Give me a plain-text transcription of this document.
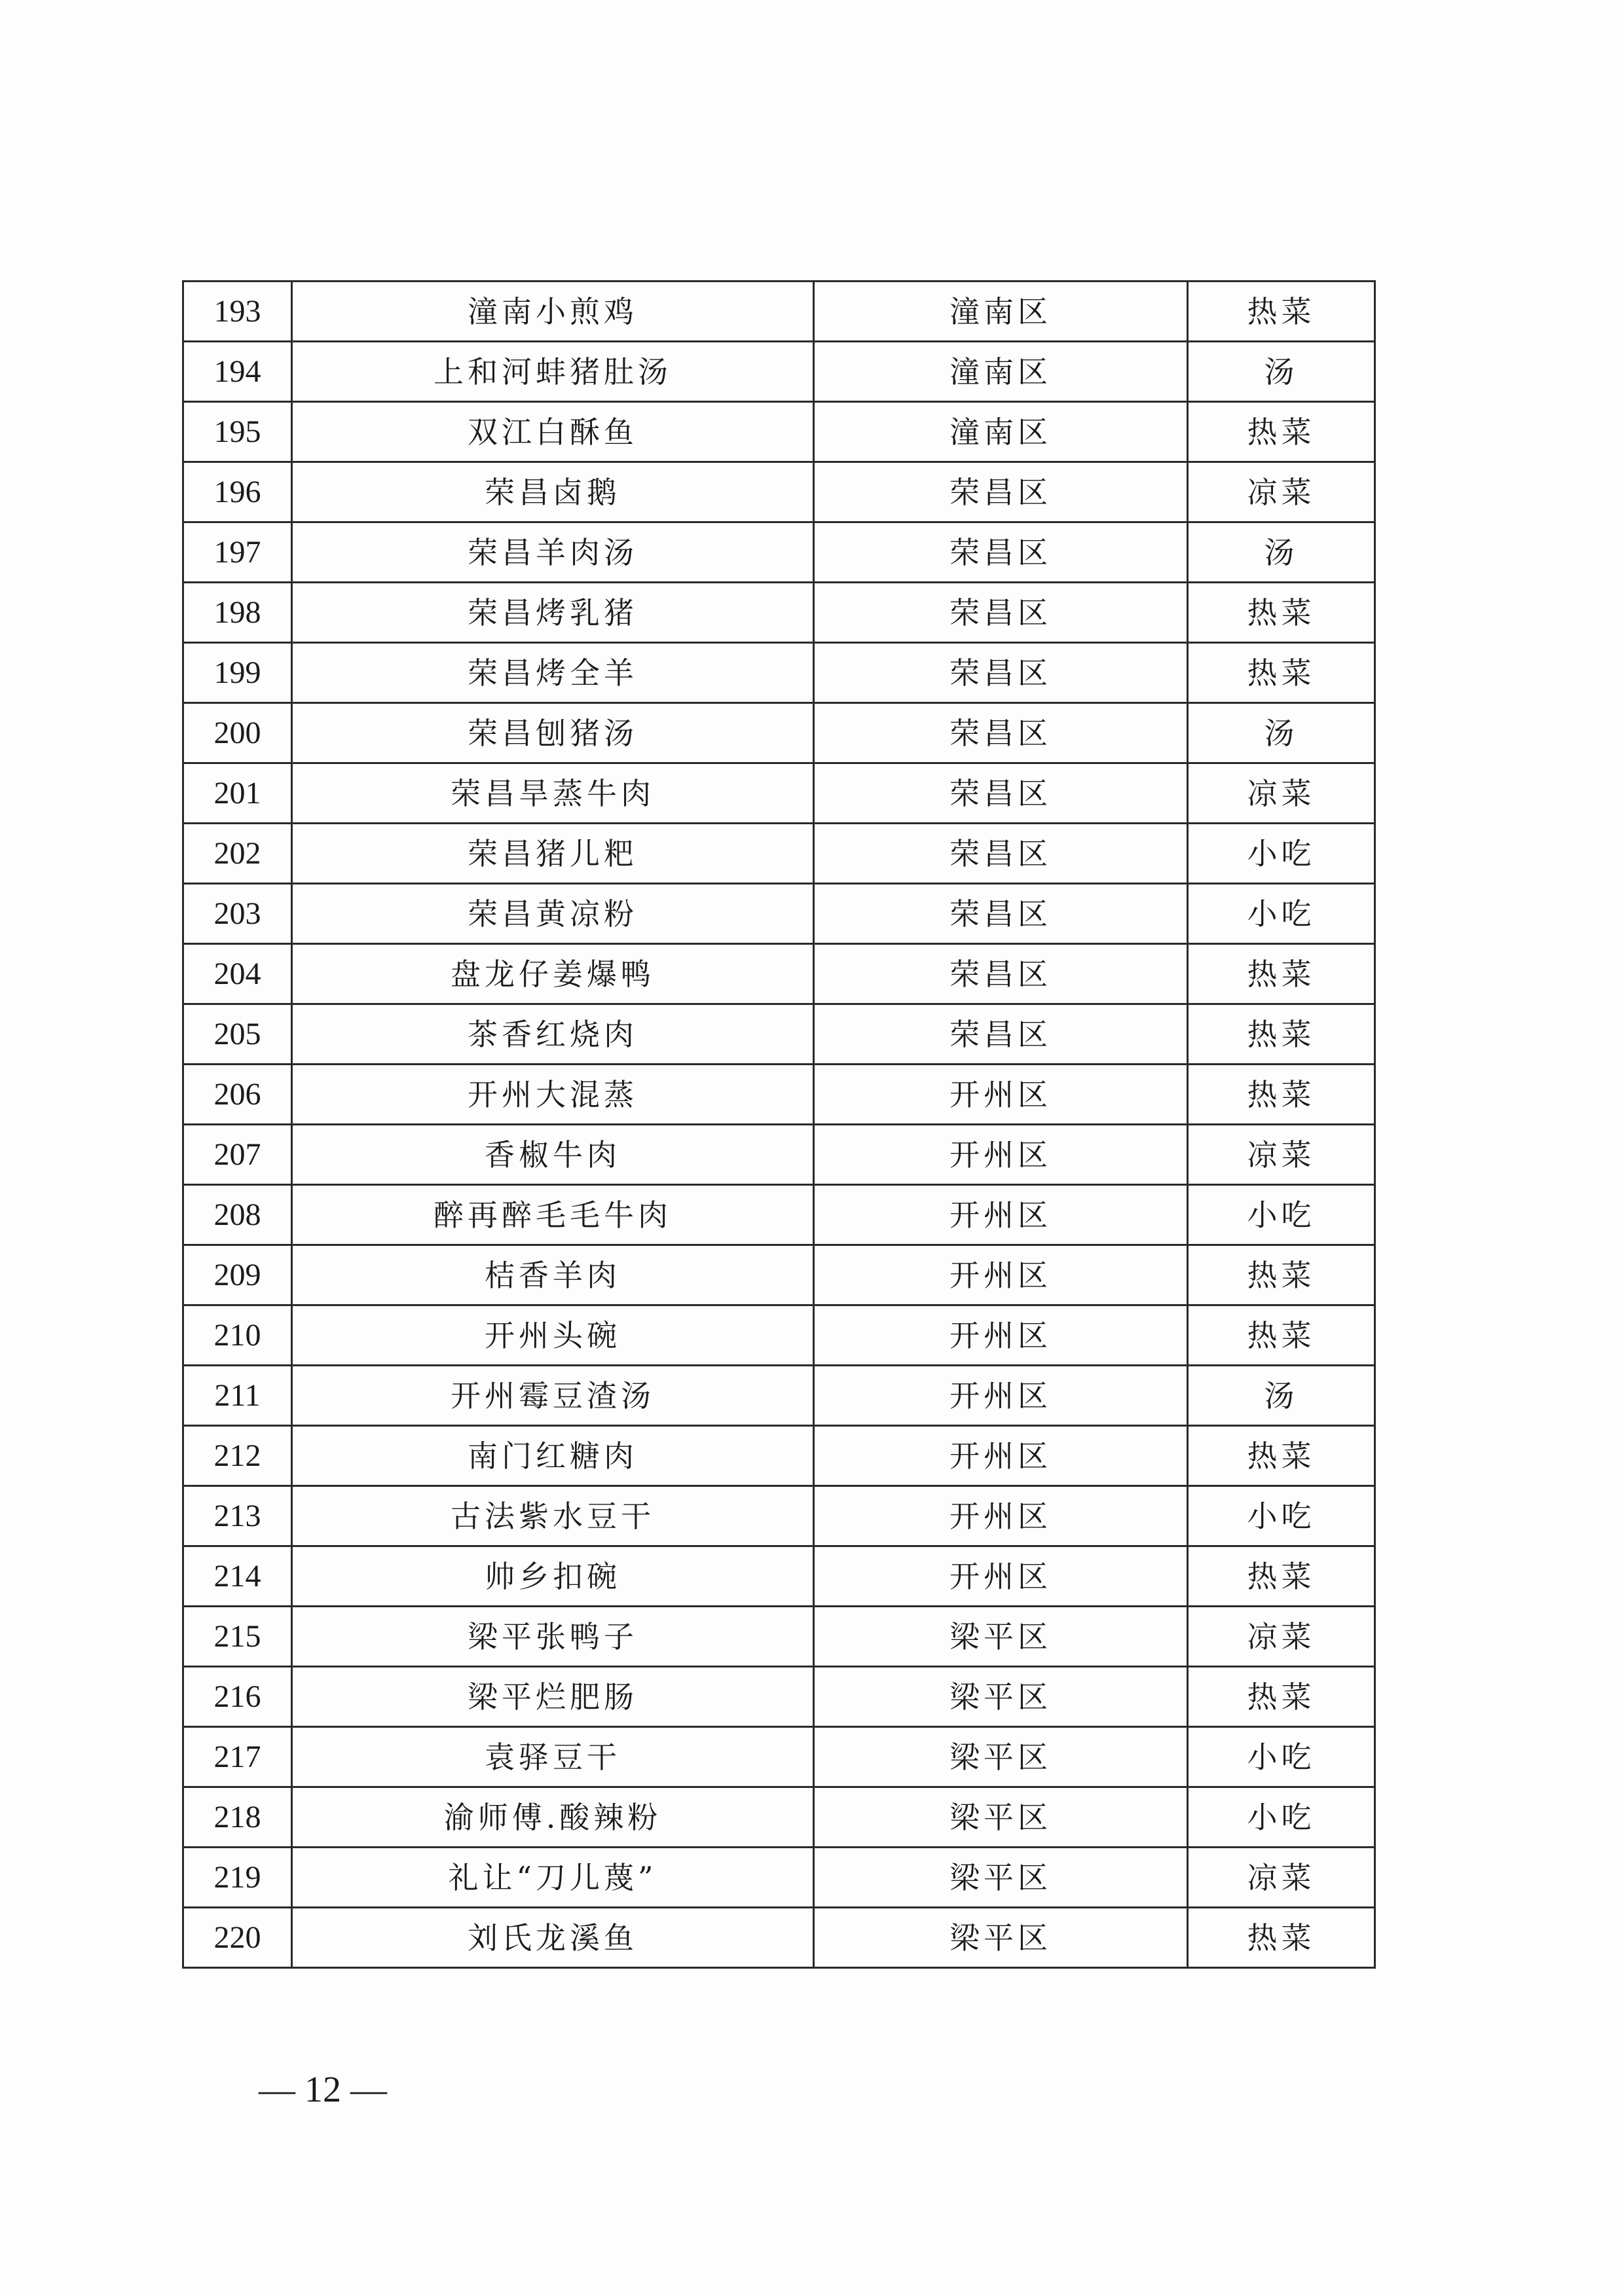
193	潼南小煎鸡	潼南区	热菜
194	上和河蚌猪肚汤	潼南区	汤
195	双江白酥鱼	潼南区	热菜
196	荣昌卤鹅	荣昌区	凉菜
197	荣昌羊肉汤	荣昌区	汤
198	荣昌烤乳猪	荣昌区	热菜
199	荣昌烤全羊	荣昌区	热菜
200	荣昌刨猪汤	荣昌区	汤
201	荣昌旱蒸牛肉	荣昌区	凉菜
202	荣昌猪儿粑	荣昌区	小吃
203	荣昌黄凉粉	荣昌区	小吃
204	盘龙仔姜爆鸭	荣昌区	热菜
205	茶香红烧肉	荣昌区	热菜
206	开州大混蒸	开州区	热菜
207	香椒牛肉	开州区	凉菜
208	醉再醉毛毛牛肉	开州区	小吃
209	桔香羊肉	开州区	热菜
210	开州头碗	开州区	热菜
211	开州霉豆渣汤	开州区	汤
212	南门红糖肉	开州区	热菜
213	古法紫水豆干	开州区	小吃
214	帅乡扣碗	开州区	热菜
215	梁平张鸭子	梁平区	凉菜
216	梁平烂肥肠	梁平区	热菜
217	袁驿豆干	梁平区	小吃
218	渝师傅.酸辣粉	梁平区	小吃
219	礼让“刀儿蔑”	梁平区	凉菜
220	刘氏龙溪鱼	梁平区	热菜
— 12 —
